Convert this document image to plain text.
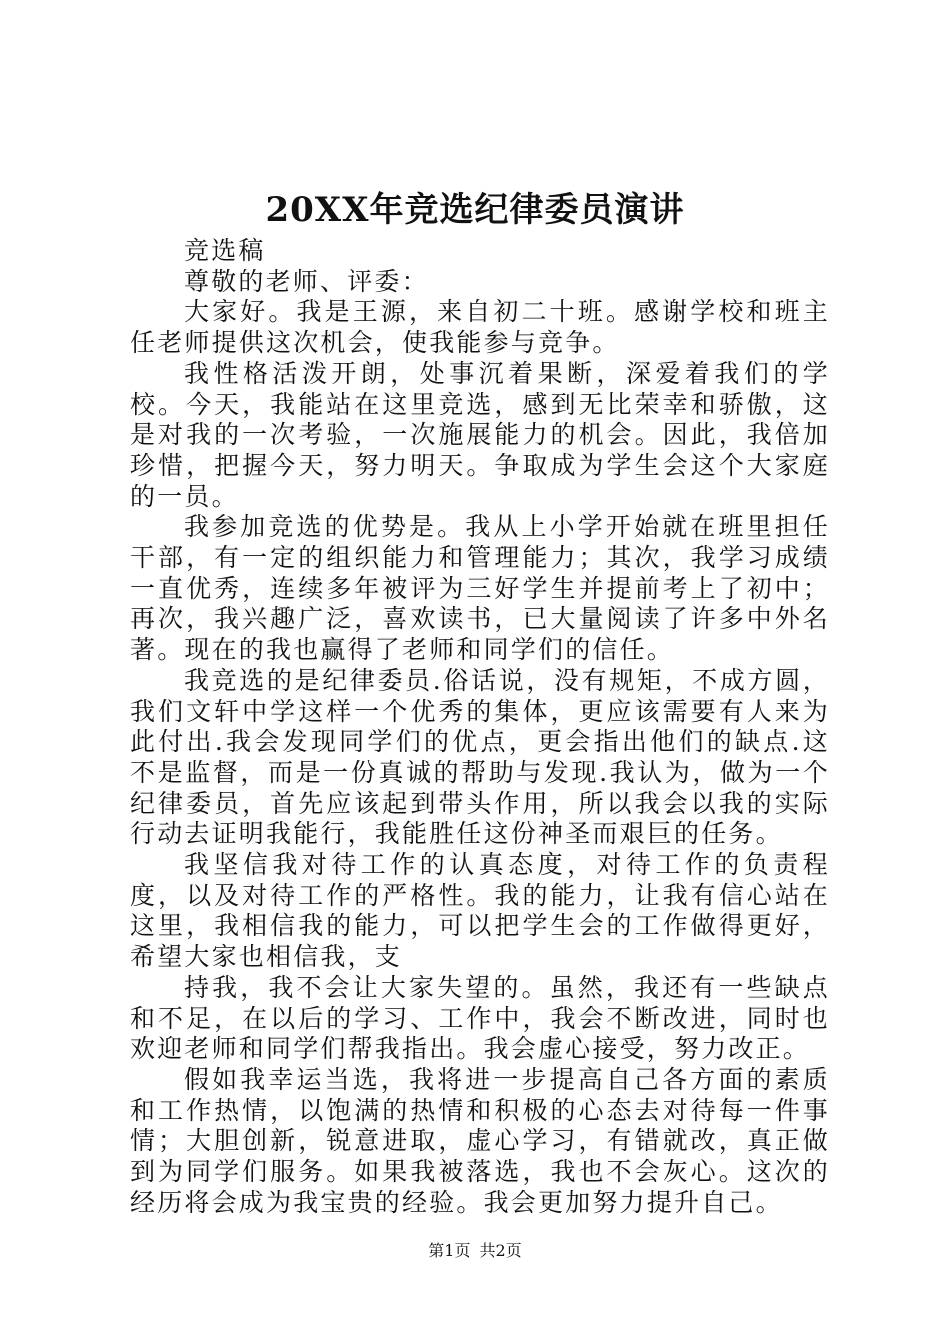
20XX年竞选纪律委员演讲

竞选稿

尊敬的老师、评委：

大家好。我是王源，来自初二十班。感谢学校和班主任老师提供这次机会，使我能参与竞争。

我性格活泼开朗，处事沉着果断，深爱着我们的学校。今天，我能站在这里竞选，感到无比荣幸和骄傲，这是对我的一次考验，一次施展能力的机会。因此，我倍加珍惜，把握今天，努力明天。争取成为学生会这个大家庭的一员。

我参加竞选的优势是。我从上小学开始就在班里担任干部，有一定的组织能力和管理能力；其次，我学习成绩一直优秀，连续多年被评为三好学生并提前考上了初中；再次，我兴趣广泛，喜欢读书，已大量阅读了许多中外名著。现在的我也赢得了老师和同学们的信任。

我竞选的是纪律委员.俗话说，没有规矩，不成方圆，我们文轩中学这样一个优秀的集体，更应该需要有人来为此付出.我会发现同学们的优点，更会指出他们的缺点.这不是监督，而是一份真诚的帮助与发现.我认为，做为一个纪律委员，首先应该起到带头作用，所以我会以我的实际行动去证明我能行，我能胜任这份神圣而艰巨的任务。

我坚信我对待工作的认真态度，对待工作的负责程度，以及对待工作的严格性。我的能力，让我有信心站在这里，我相信我的能力，可以把学生会的工作做得更好，希望大家也相信我，支

持我，我不会让大家失望的。虽然，我还有一些缺点和不足，在以后的学习、工作中，我会不断改进，同时也欢迎老师和同学们帮我指出。我会虚心接受，努力改正。

假如我幸运当选，我将进一步提高自己各方面的素质和工作热情，以饱满的热情和积极的心态去对待每一件事情；大胆创新，锐意进取，虚心学习，有错就改，真正做到为同学们服务。如果我被落选，我也不会灰心。这次的经历将会成为我宝贵的经验。我会更加努力提升自己。

第1页 共2页
